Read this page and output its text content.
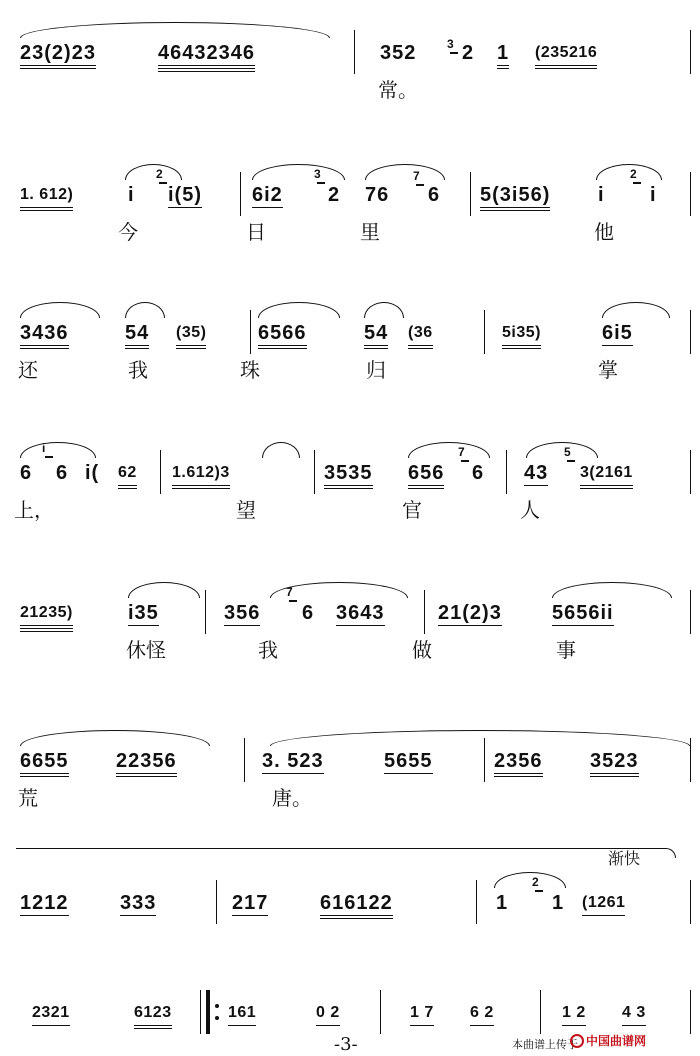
23(2)23	46432346	352 2 1 (235216
3
常。
1. 612)	i i(5)	6i2 2 76 6 5(3i56) i i
2	3	7	2
今	日	里	他
3436	54 (35)	6566	54 (36	5i35)	6i5
还	我	珠	归	掌
6 6 i( 62 1.612)3	3535 656 6 43 3(2161
i	7	5
上，	望	官	人
21235)	i35	356 6 3643	21(2)3	5656ii
7
休怪	我	做	事
6655 22356	3. 523	5655	2356 3523
荒	唐。
1212	333	217	616122	1 1 (1261
2
2321	6123	161	0 2	1 7 6 2	1 2 4 3
渐快
-3-	本曲谱上传于 中国曲谱网
